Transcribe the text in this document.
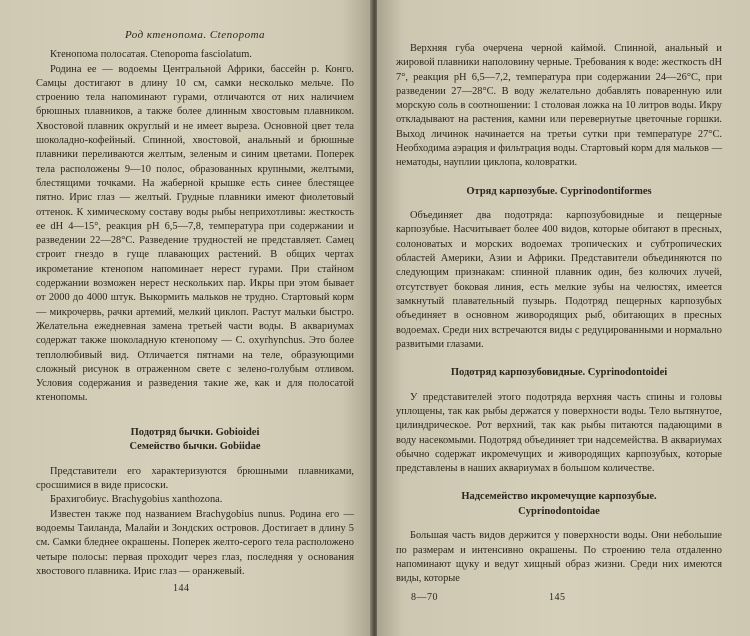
Род ктенопома. Ctenopoma

Ктенопома полосатая. Ctenopoma fasciolatum.

Родина ее — водоемы Центральной Африки, бассейн р. Конго. Самцы достигают в длину 10 см, самки несколько мельче. По строению тела напоминают гурами, отличаются от них наличием брюшных плавников, а также более длинным хвостовым плавником. Хвостовой плавник округлый и не имеет выреза. Основной цвет тела шоколадно-кофейный. Спинной, хвостовой, анальный и брюшные плавники переливаются желтым, зеленым и синим цветами. Поперек тела расположены 9—10 полос, образованных крупными, желтыми, блестящими точками. На жаберной крышке есть синее блестящее пятно. Ирис глаз — желтый. Грудные плавники имеют фиолетовый оттенок. К химическому составу воды рыбы неприхотливы: жесткость ее dH 4—15°, реакция pH 6,5—7,8, температура при содержании и разведении 22—28°С. Разведение трудностей не представляет. Самец строит гнездо в гуще плавающих растений. В общих чертах икрометание ктенопом напоминает нерест гурами. При стайном содержании возможен нерест нескольких пар. Икры при этом бывает от 2000 до 4000 штук. Выкормить мальков не трудно. Стартовый корм — микрочервь, рачки артемий, мелкий циклоп. Растут мальки быстро. Желательна ежедневная замена третьей части воды. В аквариумах содержат также шоколадную ктенопому — C. oxyrhynchus. Это более теплолюбивый вид. Отличается пятнами на теле, образующими сложный рисунок в отраженном свете с зелено-голубым отливом. Условия содержания и разведения такие же, как и для полосатой ктенопомы.

Подотряд бычки. Gobioidei

Семейство бычки. Gobiidae

Представители его характеризуются брюшными плавниками, сросшимися в виде присоски.

Брахигобиус. Brachygobius xanthozona.

Известен также под названием Brachygobius nunus. Родина его — водоемы Таиланда, Малайи и Зондских островов. Достигает в длину 5 см. Самки бледнее окрашены. Поперек желто-серого тела расположено четыре полосы: первая проходит через глаз, последняя у основания хвостового плавника. Ирис глаз — оранжевый.

144

Верхняя губа очерчена черной каймой. Спинной, анальный и жировой плавники наполовину черные. Требования к воде: жесткость dH 7°, реакция pH 6,5—7,2, температура при содержании 24—26°С, при разведении 27—28°С. В воду желательно добавлять поваренную или морскую соль в соотношении: 1 столовая ложка на 10 литров воды. Икру откладывают на растения, камни или перевернутые цветочные горшки. Выход личинок начинается на третьи сутки при температуре 27°С. Необходима аэрация и фильтрация воды. Стартовый корм для мальков — нематоды, науплии циклопа, коловратки.

Отряд карпозубые. Cyprinodontiformes

Объединяет два подотряда: карпозубовидные и пещерные карпозубые. Насчитывает более 400 видов, которые обитают в пресных, солоноватых и морских водоемах тропических и субтропических областей Америки, Азии и Африки. Представители объединяются по следующим признакам: спинной плавник один, без колючих лучей, отсутствует боковая линия, есть мелкие зубы на челюстях, имеется замкнутый плавательный пузырь. Подотряд пещерных карпозубых объединяет в основном живородящих рыб, обитающих в пресных водоемах. Среди них встречаются виды с редуцированными и нормально развитыми глазами.

Подотряд карпозубовидные. Cyprinodontoidei

У представителей этого подотряда верхняя часть спины и головы уплощены, так как рыбы держатся у поверхности воды. Тело вытянутое, цилиндрическое. Рот верхний, так как рыбы питаются падающими в воду насекомыми. Подотряд объединяет три надсемейства. В аквариумах обычно содержат икромечущих и живородящих карпозубых, которые представлены в наших аквариумах в большом количестве.

Надсемейство икромечущие карпозубые.

Cyprinodontoidae

Большая часть видов держится у поверхности воды. Они небольшие по размерам и интенсивно окрашены. По строению тела отдаленно напоминают щуку и ведут хищный образ жизни. Среди них имеются виды, которые

8—70	145
